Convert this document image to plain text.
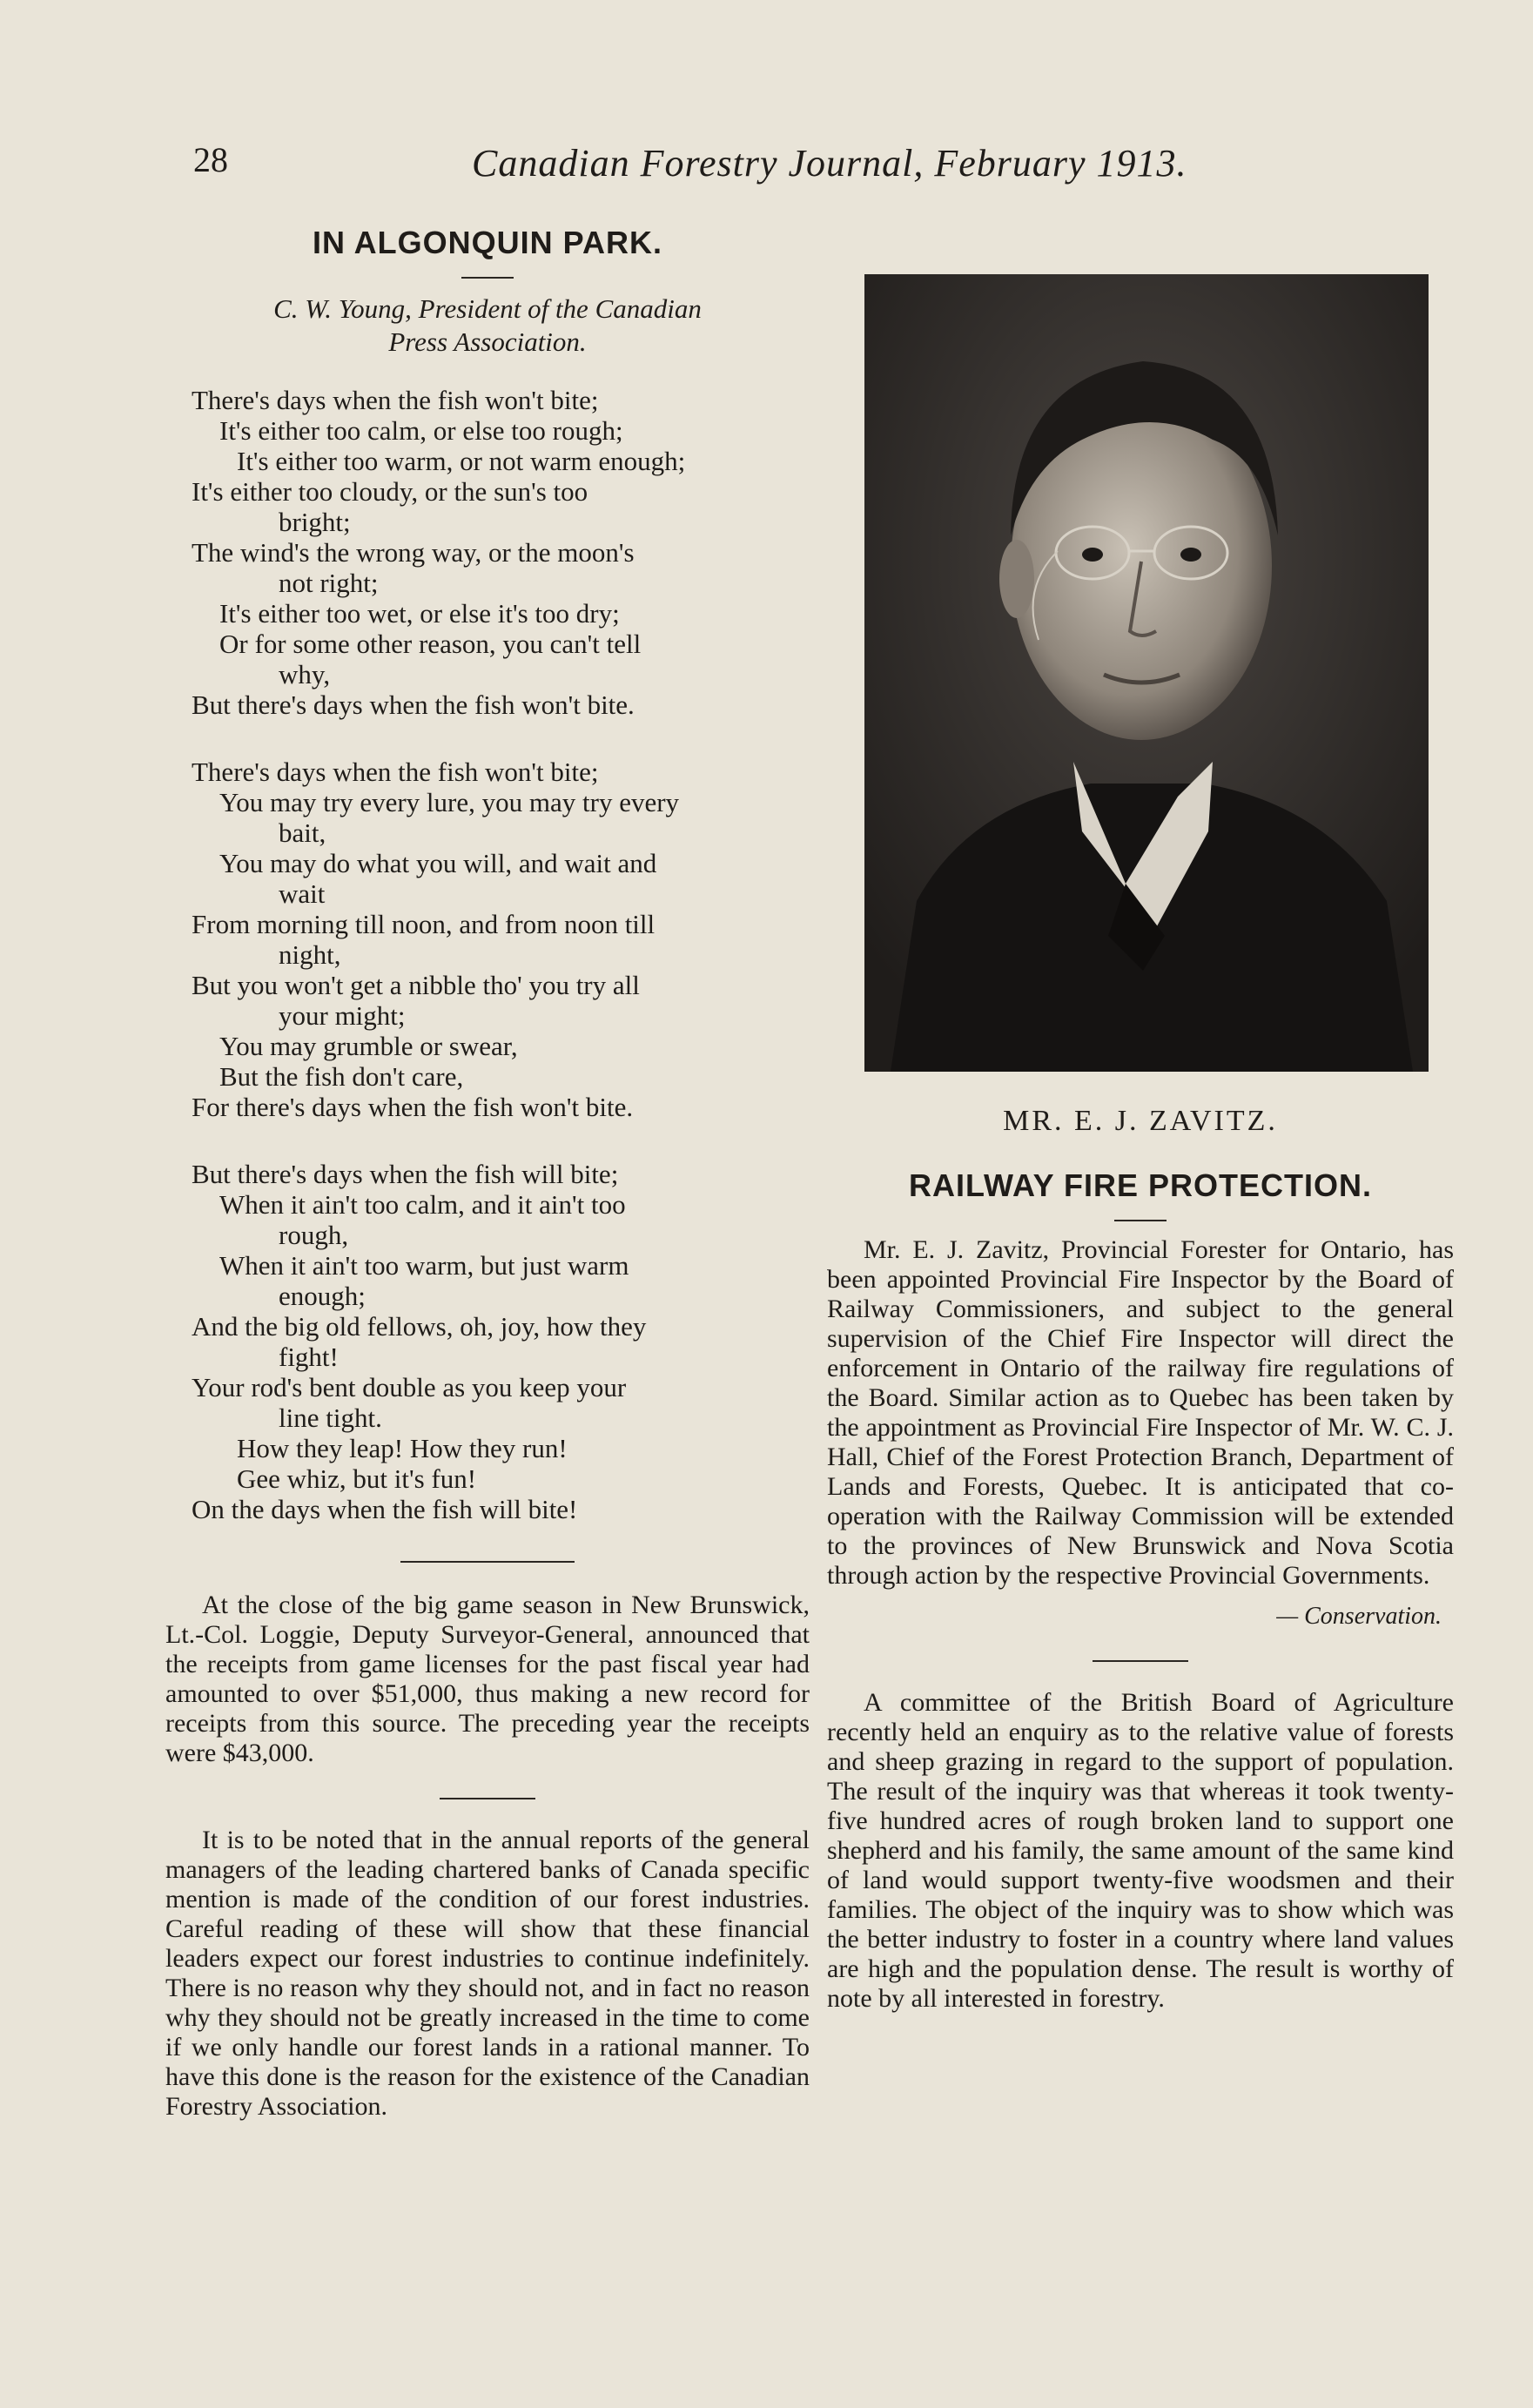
28	Canadian Forestry Journal, February 1913.
IN ALGONQUIN PARK.
C. W. Young, President of the Canadian
Press Association.
There's days when the fish won't bite;
It's either too calm, or else too rough;
It's either too warm, or not warm enough;
It's either too cloudy, or the sun's too
bright;
The wind's the wrong way, or the moon's
not right;
It's either too wet, or else it's too dry;
Or for some other reason, you can't tell
why,
But there's days when the fish won't bite.
There's days when the fish won't bite;
You may try every lure, you may try every
bait,
You may do what you will, and wait and
wait
From morning till noon, and from noon till
night,
But you won't get a nibble tho' you try all
your might;
You may grumble or swear,
But the fish don't care,
For there's days when the fish won't bite.
But there's days when the fish will bite;
When it ain't too calm, and it ain't too
rough,
When it ain't too warm, but just warm
enough;
And the big old fellows, oh, joy, how they
fight!
Your rod's bent double as you keep your
line tight.
How they leap! How they run!
Gee whiz, but it's fun!
On the days when the fish will bite!

At the close of the big game season in New Brunswick, Lt.-Col. Loggie, Deputy Surveyor-General, announced that the receipts from game licenses for the past fiscal year had amounted to over $51,000, thus making a new record for receipts from this source. The preceding year the receipts were $43,000.

It is to be noted that in the annual reports of the general managers of the leading chartered banks of Canada specific mention is made of the condition of our forest industries. Careful reading of these will show that these financial leaders expect our forest industries to continue indefinitely. There is no reason why they should not, and in fact no reason why they should not be greatly increased in the time to come if we only handle our forest lands in a rational manner. To have this done is the reason for the existence of the Canadian Forestry Association.

MR. E. J. ZAVITZ.
RAILWAY FIRE PROTECTION.

Mr. E. J. Zavitz, Provincial Forester for Ontario, has been appointed Provincial Fire Inspector by the Board of Railway Commissioners, and subject to the general supervision of the Chief Fire Inspector will direct the enforcement in Ontario of the railway fire regulations of the Board. Similar action as to Quebec has been taken by the appointment as Provincial Fire Inspector of Mr. W. C. J. Hall, Chief of the Forest Protection Branch, Department of Lands and Forests, Quebec. It is anticipated that co-operation with the Railway Commission will be extended to the provinces of New Brunswick and Nova Scotia through action by the respective Provincial Governments.

— Conservation.

A committee of the British Board of Agriculture recently held an enquiry as to the relative value of forests and sheep grazing in regard to the support of population. The result of the inquiry was that whereas it took twenty-five hundred acres of rough broken land to support one shepherd and his family, the same amount of the same kind of land would support twenty-five woodsmen and their families. The object of the inquiry was to show which was the better industry to foster in a country where land values are high and the population dense. The result is worthy of note by all interested in forestry.
